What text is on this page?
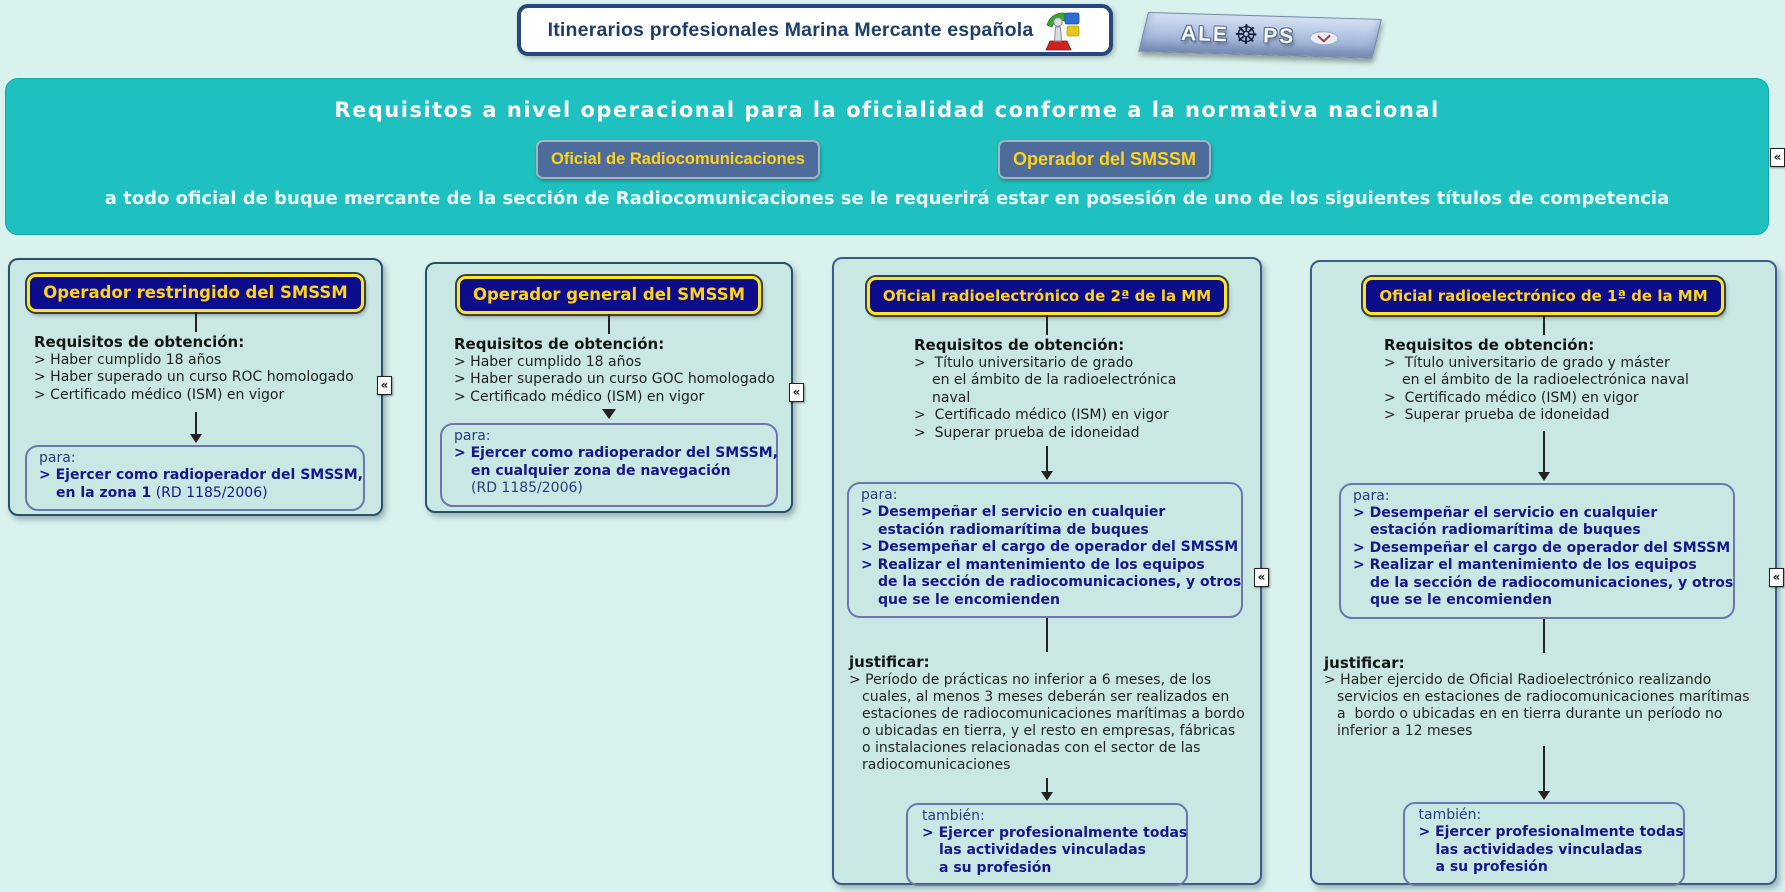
Itinerarios profesionales Marina Mercante española	ALE ☸ PS
Requisitos a nivel operacional para la oficialidad conforme a la normativa nacional
Oficial de Radiocomunicaciones	Operador del SMSSM
a todo oficial de buque mercante de la sección de Radiocomunicaciones se le requerirá estar en posesión de uno de los siguientes títulos de competencia
Operador restringido del SMSSM
Requisitos de obtención:
> Haber cumplido 18 años
> Haber superado un curso ROC homologado
> Certificado médico (ISM) en vigor
para:
> Ejercer como radioperador del SMSSM,
en la zona 1 (RD 1185/2006)
Operador general del SMSSM
Requisitos de obtención:
> Haber cumplido 18 años
> Haber superado un curso GOC homologado
> Certificado médico (ISM) en vigor
para:
> Ejercer como radioperador del SMSSM,
en cualquier zona de navegación
(RD 1185/2006)
Oficial radioelectrónico de 2ª de la MM
Requisitos de obtención:
>  Título universitario de grado
en el ámbito de la radioelectrónica
naval
>  Certificado médico (ISM) en vigor
>  Superar prueba de idoneidad
para:
> Desempeñar el servicio en cualquier
estación radiomarítima de buques
> Desempeñar el cargo de operador del SMSSM
> Realizar el mantenimiento de los equipos
de la sección de radiocomunicaciones, y otros
que se le encomienden
justificar:
> Período de prácticas no inferior a 6 meses, de los
cuales, al menos 3 meses deberán ser realizados en
estaciones de radiocomunicaciones marítimas a bordo
o ubicadas en tierra, y el resto en empresas, fábricas
o instalaciones relacionadas con el sector de las
radiocomunicaciones
también:
> Ejercer profesionalmente todas
las actividades vinculadas
a su profesión
Oficial radioelectrónico de 1ª de la MM
Requisitos de obtención:
>  Título universitario de grado y máster
en el ámbito de la radioelectrónica naval
>  Certificado médico (ISM) en vigor
>  Superar prueba de idoneidad
para:
> Desempeñar el servicio en cualquier
estación radiomarítima de buques
> Desempeñar el cargo de operador del SMSSM
> Realizar el mantenimiento de los equipos
de la sección de radiocomunicaciones, y otros
que se le encomienden
justificar:
> Haber ejercido de Oficial Radioelectrónico realizando
servicios en estaciones de radiocomunicaciones marítimas
a  bordo o ubicadas en en tierra durante un período no
inferior a 12 meses
también:
> Ejercer profesionalmente todas
las actividades vinculadas
a su profesión
«
«	«
«	«
